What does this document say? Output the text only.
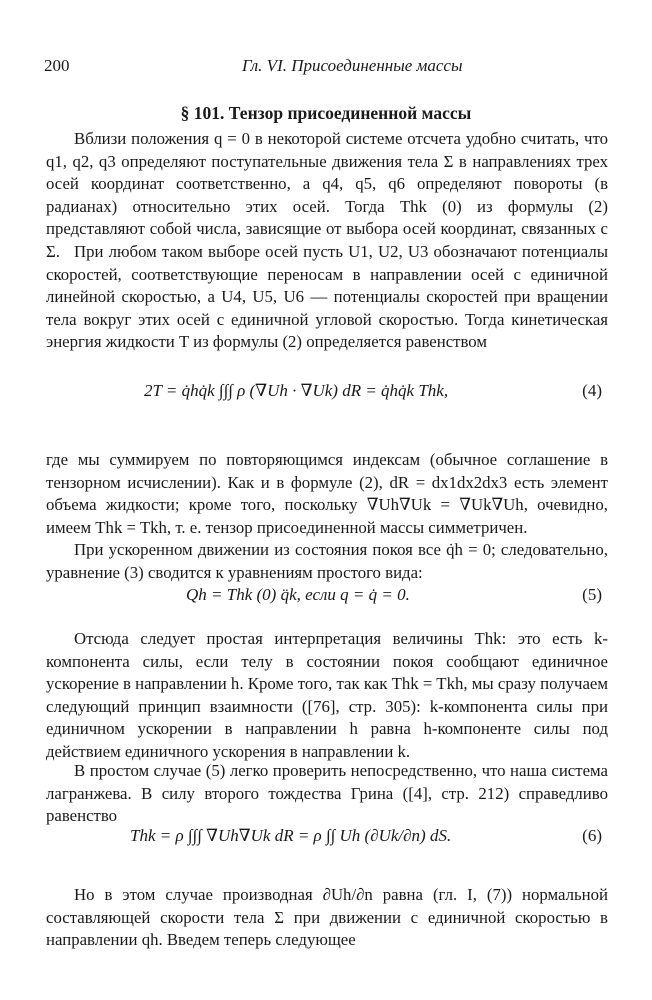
200	Гл. VI. Присоединенные массы
§ 101. Тензор присоединенной массы

Вблизи положения q = 0 в некоторой системе отсчета удобно считать, что q1, q2, q3 определяют поступательные движения тела Σ в направлениях трех осей координат соответственно, а q4, q5, q6 определяют повороты (в радианах) относительно этих осей. Тогда Thk (0) из формулы (2) представляют собой числа, зависящие от выбора осей координат, связанных с Σ. При любом таком выборе осей пусть U1, U2, U3 обозначают потенциалы скоростей, соответствующие переносам в направлении осей с единичной линейной скоростью, а U4, U5, U6 — потенциалы скоростей при вращении тела вокруг этих осей с единичной угловой скоростью. Тогда кинетическая энергия жидкости T из формулы (2) определяется равенством

2T = q̇hq̇k ∫∫∫ ρ (∇Uh · ∇Uk) dR = q̇hq̇k Thk,	(4)

где мы суммируем по повторяющимся индексам (обычное соглашение в тензорном исчислении). Как и в формуле (2), dR = dx1dx2dx3 есть элемент объема жидкости; кроме того, поскольку ∇Uh∇Uk = ∇Uk∇Uh, очевидно, имеем Thk = Tkh, т. е. тензор присоединенной массы симметричен.

При ускоренном движении из состояния покоя все q̇h = 0; следовательно, уравнение (3) сводится к уравнениям простого вида:

Qh = Thk (0) q̈k, если q = q̇ = 0.	(5)

Отсюда следует простая интерпретация величины Thk: это есть k-компонента силы, если телу в состоянии покоя сообщают единичное ускорение в направлении h. Кроме того, так как Thk = Tkh, мы сразу получаем следующий принцип взаимности ([76], стр. 305): k-компонента силы при единичном ускорении в направлении h равна h-компоненте силы под действием единичного ускорения в направлении k.

В простом случае (5) легко проверить непосредственно, что наша система лагранжева. В силу второго тождества Грина ([4], стр. 212) справедливо равенство

Thk = ρ ∫∫∫ ∇Uh∇Uk dR = ρ ∫∫ Uh (∂Uk/∂n) dS.	(6)

Но в этом случае производная ∂Uh/∂n равна (гл. I, (7)) нормальной составляющей скорости тела Σ при движении с единичной скоростью в направлении qh. Введем теперь следующее
